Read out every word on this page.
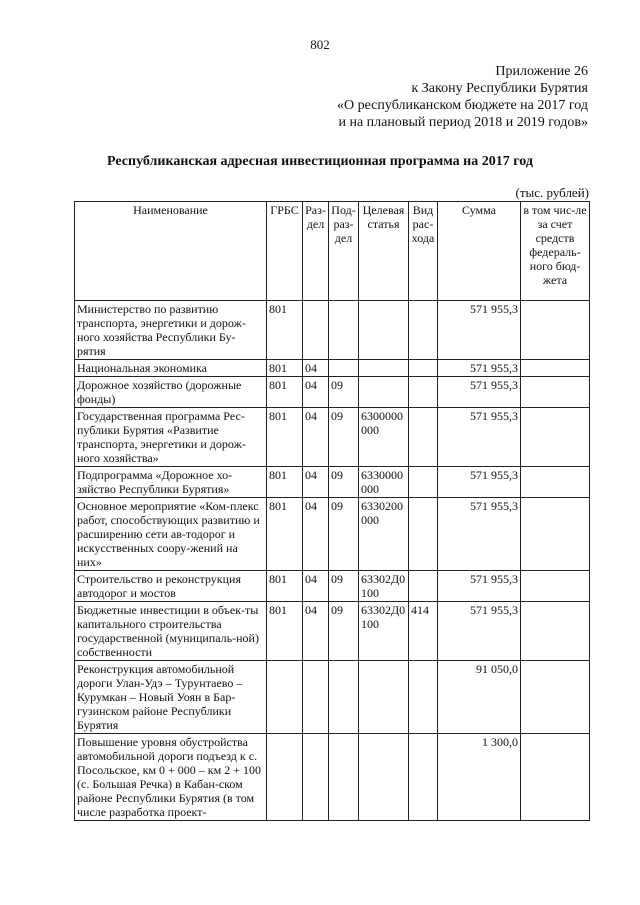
802
Приложение 26
к Закону Республики Бурятия
«О республиканском бюджете на 2017 год
и на плановый период 2018 и 2019 годов»
Республиканская адресная инвестиционная программа на 2017 год
(тыс. рублей)
Наименование	ГРБС	Раз-дел	Под-раз-дел	Целевая статья	Вид рас-хода	Сумма	в том чис-ле за счет средств федераль-ного бюд-жета
Министерство по развитию транспорта, энергетики и дорож-ного хозяйства Республики Бу-рятия	801					571 955,3	
Национальная экономика	801	04				571 955,3	
Дорожное хозяйство (дорожные фонды)	801	04	09			571 955,3	
Государственная программа Рес-публики Бурятия «Развитие транспорта, энергетики и дорож-ного хозяйства»	801	04	09	6300000 000		571 955,3	
Подпрограмма «Дорожное хо-зяйство Республики Бурятия»	801	04	09	6330000 000		571 955,3	
Основное мероприятие «Ком-плекс работ, способствующих развитию и расширению сети ав-тодорог и искусственных соору-жений на них»	801	04	09	6330200 000		571 955,3	
Строительство и реконструкция автодорог и мостов	801	04	09	63302Д0 100		571 955,3	
Бюджетные инвестиции в объек-ты капитального строительства государственной (муниципаль-ной) собственности	801	04	09	63302Д0 100	414	571 955,3	
Реконструкция автомобильной дороги Улан-Удэ – Турунтаево – Курумкан – Новый Уоян в Бар-гузинском районе Республики Бурятия						91 050,0	
Повышение уровня обустройства автомобильной дороги подъезд к с. Посольское, км 0 + 000 – км 2 + 100 (с. Большая Речка) в Кабан-ском районе Республики Бурятия (в том числе разработка проект-						1 300,0	
